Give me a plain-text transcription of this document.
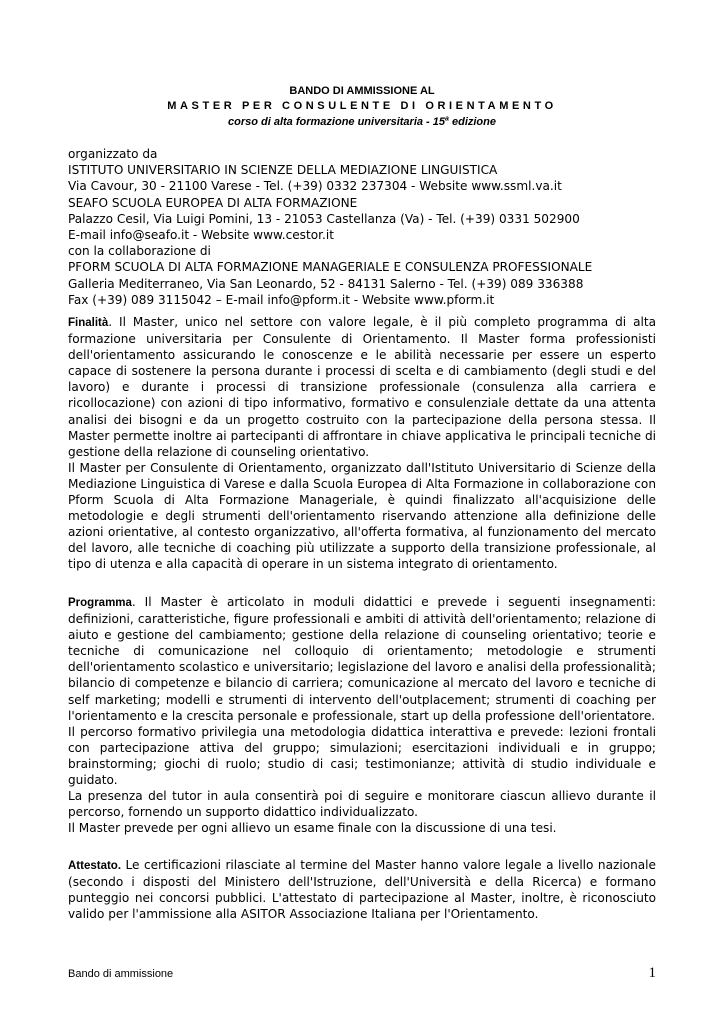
BANDO DI AMMISSIONE AL
MASTER PER CONSULENTE DI ORIENTAMENTO
corso di alta formazione universitaria - 15$^a$ edizione
organizzato da
ISTITUTO UNIVERSITARIO IN SCIENZE DELLA MEDIAZIONE LINGUISTICA
Via Cavour, 30 - 21100 Varese - Tel. (+39) 0332 237304 - Website www.ssml.va.it
SEAFO SCUOLA EUROPEA DI ALTA FORMAZIONE
Palazzo Cesil, Via Luigi Pomini, 13 - 21053 Castellanza (Va) - Tel. (+39) 0331 502900
E-mail info@seafo.it - Website www.cestor.it
con la collaborazione di
PFORM SCUOLA DI ALTA FORMAZIONE MANAGERIALE E CONSULENZA PROFESSIONALE
Galleria Mediterraneo, Via San Leonardo, 52 - 84131 Salerno - Tel. (+39) 089 336388
Fax (+39) 089 3115042 – E-mail info@pform.it - Website www.pform.it

Finalità. Il Master, unico nel settore con valore legale, è il più completo programma di alta formazione universitaria per Consulente di Orientamento. Il Master forma professionisti dell'orientamento assicurando le conoscenze e le abilità necessarie per essere un esperto capace di sostenere la persona durante i processi di scelta e di cambiamento (degli studi e del lavoro) e durante i processi di transizione professionale (consulenza alla carriera e ricollocazione) con azioni di tipo informativo, formativo e consulenziale dettate da una attenta analisi dei bisogni e da un progetto costruito con la partecipazione della persona stessa. Il Master permette inoltre ai partecipanti di affrontare in chiave applicativa le principali tecniche di gestione della relazione di counseling orientativo.

Il Master per Consulente di Orientamento, organizzato dall'Istituto Universitario di Scienze della Mediazione Linguistica di Varese e dalla Scuola Europea di Alta Formazione in collaborazione con Pform Scuola di Alta Formazione Manageriale, è quindi finalizzato all'acquisizione delle metodologie e degli strumenti dell'orientamento riservando attenzione alla definizione delle azioni orientative, al contesto organizzativo, all'offerta formativa, al funzionamento del mercato del lavoro, alle tecniche di coaching più utilizzate a supporto della transizione professionale, al tipo di utenza e alla capacità di operare in un sistema integrato di orientamento.

Programma. Il Master è articolato in moduli didattici e prevede i seguenti insegnamenti: definizioni, caratteristiche, figure professionali e ambiti di attività dell'orientamento; relazione di aiuto e gestione del cambiamento; gestione della relazione di counseling orientativo; teorie e tecniche di comunicazione nel colloquio di orientamento; metodologie e strumenti dell'orientamento scolastico e universitario; legislazione del lavoro e analisi della professionalità; bilancio di competenze e bilancio di carriera; comunicazione al mercato del lavoro e tecniche di self marketing; modelli e strumenti di intervento dell'outplacement; strumenti di coaching per l'orientamento e la crescita personale e professionale, start up della professione dell'orientatore.

Il percorso formativo privilegia una metodologia didattica interattiva e prevede: lezioni frontali con partecipazione attiva del gruppo; simulazioni; esercitazioni individuali e in gruppo; brainstorming; giochi di ruolo; studio di casi; testimonianze; attività di studio individuale e guidato.

La presenza del tutor in aula consentirà poi di seguire e monitorare ciascun allievo durante il percorso, fornendo un supporto didattico individualizzato.

Il Master prevede per ogni allievo un esame finale con la discussione di una tesi.

Attestato. Le certificazioni rilasciate al termine del Master hanno valore legale a livello nazionale (secondo i disposti del Ministero dell'Istruzione, dell'Università e della Ricerca) e formano punteggio nei concorsi pubblici. L'attestato di partecipazione al Master, inoltre, è riconosciuto valido per l'ammissione alla ASITOR Associazione Italiana per l'Orientamento.

Bando di ammissione	1
